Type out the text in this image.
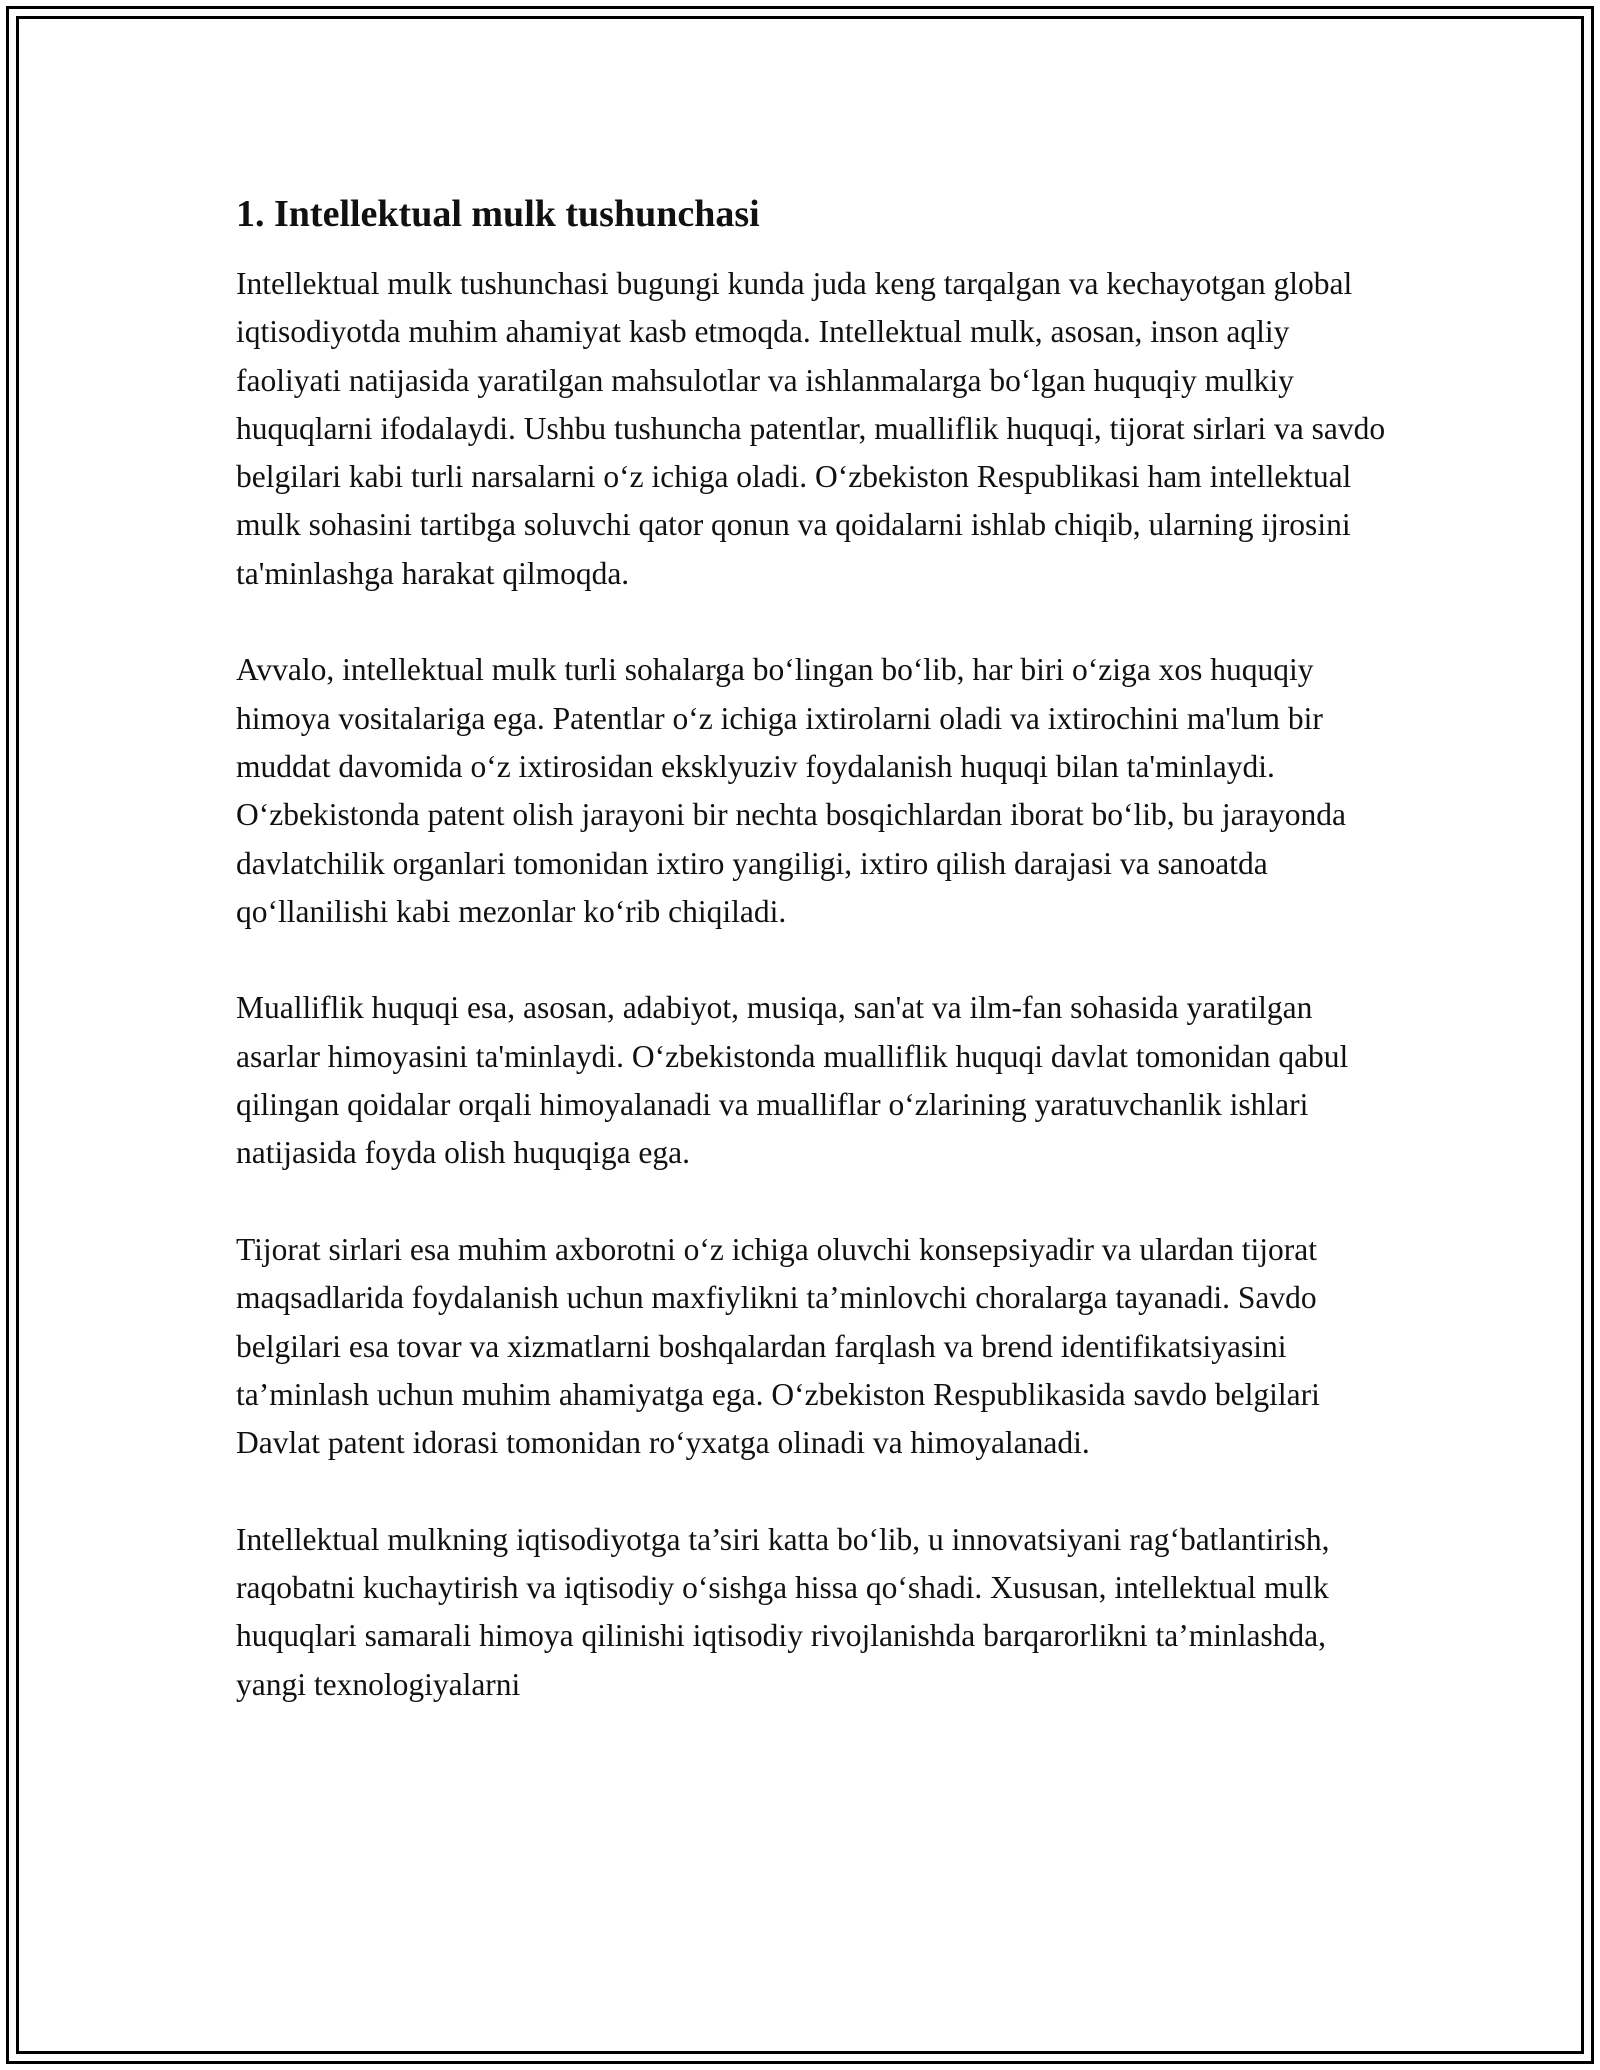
1. Intellektual mulk tushunchasi

Intellektual mulk tushunchasi bugungi kunda juda keng tarqalgan va kechayotgan global iqtisodiyotda muhim ahamiyat kasb etmoqda. Intellektual mulk, asosan, inson aqliy faoliyati natijasida yaratilgan mahsulotlar va ishlanmalarga bo‘lgan huquqiy mulkiy huquqlarni ifodalaydi. Ushbu tushuncha patentlar, mualliflik huquqi, tijorat sirlari va savdo belgilari kabi turli narsalarni o‘z ichiga oladi. O‘zbekiston Respublikasi ham intellektual mulk sohasini tartibga soluvchi qator qonun va qoidalarni ishlab chiqib, ularning ijrosini ta'minlashga harakat qilmoqda.

Avvalo, intellektual mulk turli sohalarga bo‘lingan bo‘lib, har biri o‘ziga xos huquqiy himoya vositalariga ega. Patentlar o‘z ichiga ixtirolarni oladi va ixtirochini ma'lum bir muddat davomida o‘z ixtirosidan eksklyuziv foydalanish huquqi bilan ta'minlaydi. O‘zbekistonda patent olish jarayoni bir nechta bosqichlardan iborat bo‘lib, bu jarayonda davlatchilik organlari tomonidan ixtiro yangiligi, ixtiro qilish darajasi va sanoatda qo‘llanilishi kabi mezonlar ko‘rib chiqiladi.

Mualliflik huquqi esa, asosan, adabiyot, musiqa, san'at va ilm-fan sohasida yaratilgan asarlar himoyasini ta'minlaydi. O‘zbekistonda mualliflik huquqi davlat tomonidan qabul qilingan qoidalar orqali himoyalanadi va mualliflar o‘zlarining yaratuvchanlik ishlari natijasida foyda olish huquqiga ega.

Tijorat sirlari esa muhim axborotni o‘z ichiga oluvchi konsepsiyadir va ulardan tijorat maqsadlarida foydalanish uchun maxfiylikni ta’minlovchi choralarga tayanadi. Savdo belgilari esa tovar va xizmatlarni boshqalardan farqlash va brend identifikatsiyasini ta’minlash uchun muhim ahamiyatga ega. O‘zbekiston Respublikasida savdo belgilari Davlat patent idorasi tomonidan ro‘yxatga olinadi va himoyalanadi.

Intellektual mulkning iqtisodiyotga ta’siri katta bo‘lib, u innovatsiyani rag‘batlantirish, raqobatni kuchaytirish va iqtisodiy o‘sishga hissa qo‘shadi. Xususan, intellektual mulk huquqlari samarali himoya qilinishi iqtisodiy rivojlanishda barqarorlikni ta’minlashda, yangi texnologiyalarni
